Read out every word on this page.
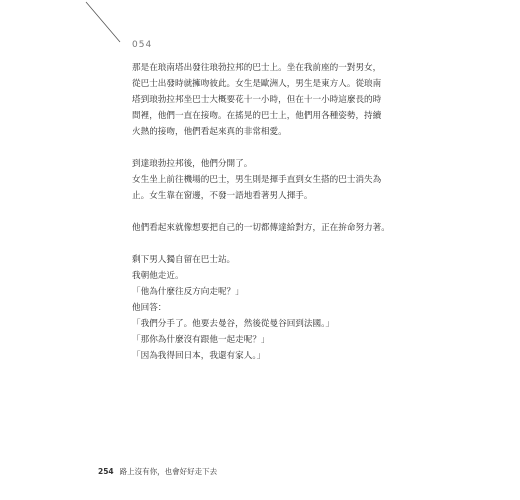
054

那是在琅南塔出發往琅勃拉邦的巴士上。坐在我前座的一對男女，
從巴士出發時就擁吻彼此。女生是歐洲人，男生是東方人。從琅南
塔到琅勃拉邦坐巴士大概要花十一小時，但在十一小時這麼長的時
間裡，他們一直在接吻。在搖晃的巴士上，他們用各種姿勢，持續
火熱的接吻，他們看起來真的非常相愛。

到達琅勃拉邦後，他們分開了。
女生坐上前往機場的巴士，男生則是揮手直到女生搭的巴士消失為
止。女生靠在窗邊，不發一語地看著男人揮手。

他們看起來就像想要把自己的一切都傳達給對方，正在拚命努力著。

剩下男人獨自留在巴士站。
我朝他走近。
「他為什麼往反方向走呢？」
他回答：
「我們分手了。他要去曼谷，然後從曼谷回到法國。」
「那你為什麼沒有跟他一起走呢？」
「因為我得回日本，我還有家人。」

254 路上沒有你，也會好好走下去
